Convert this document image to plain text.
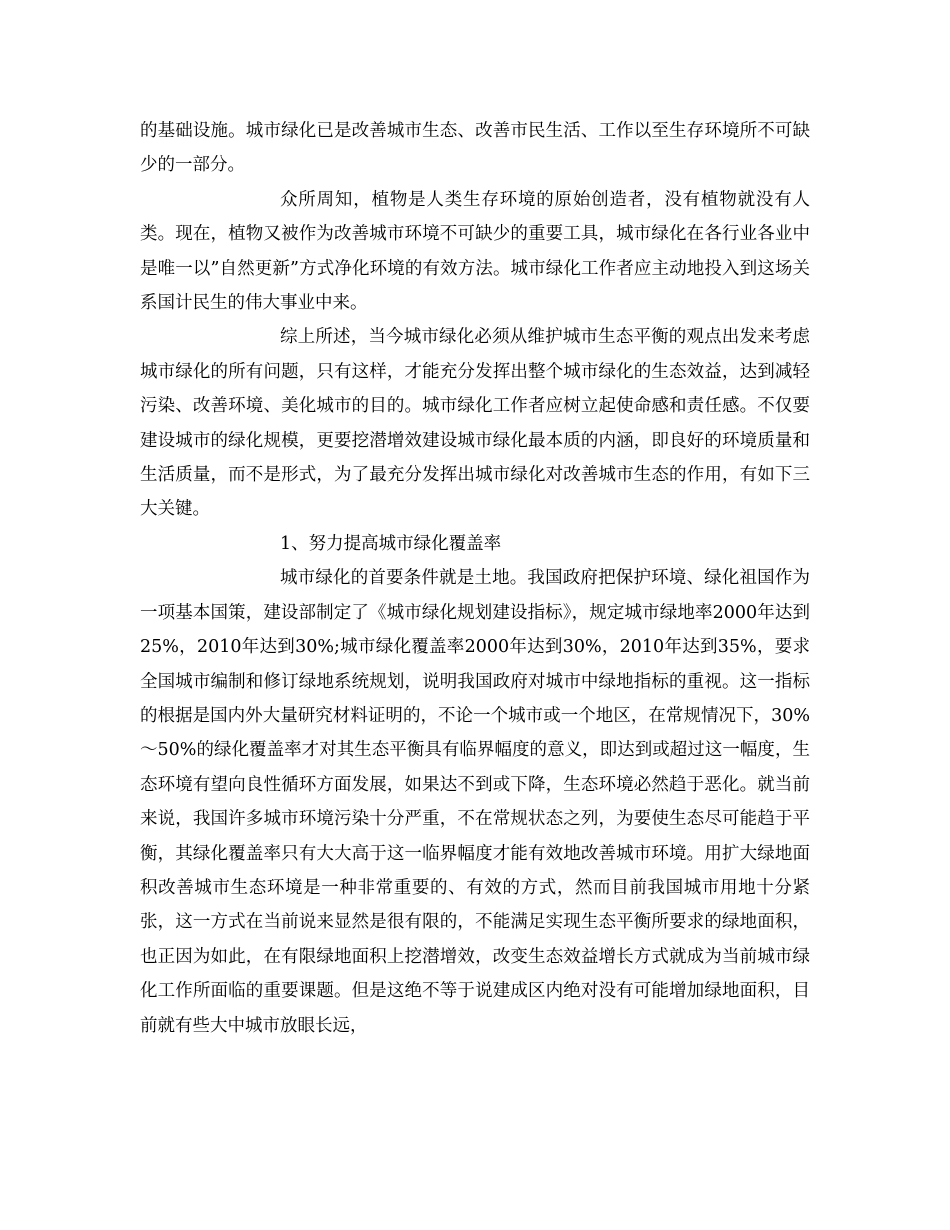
的基础设施。城市绿化已是改善城市生态、改善市民生活、工作以至生存环境所不可缺少的一部分。

众所周知，植物是人类生存环境的原始创造者，没有植物就没有人类。现在，植物又被作为改善城市环境不可缺少的重要工具，城市绿化在各行业各业中是唯一以”自然更新”方式净化环境的有效方法。城市绿化工作者应主动地投入到这场关系国计民生的伟大事业中来。

综上所述，当今城市绿化必须从维护城市生态平衡的观点出发来考虑城市绿化的所有问题，只有这样，才能充分发挥出整个城市绿化的生态效益，达到减轻污染、改善环境、美化城市的目的。城市绿化工作者应树立起使命感和责任感。不仅要建设城市的绿化规模，更要挖潜增效建设城市绿化最本质的内涵，即良好的环境质量和生活质量，而不是形式，为了最充分发挥出城市绿化对改善城市生态的作用，有如下三大关键。

1、努力提高城市绿化覆盖率

城市绿化的首要条件就是土地。我国政府把保护环境、绿化祖国作为一项基本国策，建设部制定了《城市绿化规划建设指标》，规定城市绿地率2000年达到25%，2010年达到30%;城市绿化覆盖率2000年达到30%，2010年达到35%，要求全国城市编制和修订绿地系统规划，说明我国政府对城市中绿地指标的重视。这一指标的根据是国内外大量研究材料证明的，不论一个城市或一个地区，在常规情况下，30%～50%的绿化覆盖率才对其生态平衡具有临界幅度的意义，即达到或超过这一幅度，生态环境有望向良性循环方面发展，如果达不到或下降，生态环境必然趋于恶化。就当前来说，我国许多城市环境污染十分严重，不在常规状态之列，为要使生态尽可能趋于平衡，其绿化覆盖率只有大大高于这一临界幅度才能有效地改善城市环境。用扩大绿地面积改善城市生态环境是一种非常重要的、有效的方式，然而目前我国城市用地十分紧张，这一方式在当前说来显然是很有限的，不能满足实现生态平衡所要求的绿地面积，也正因为如此，在有限绿地面积上挖潜增效，改变生态效益增长方式就成为当前城市绿化工作所面临的重要课题。但是这绝不等于说建成区内绝对没有可能增加绿地面积，目前就有些大中城市放眼长远，
